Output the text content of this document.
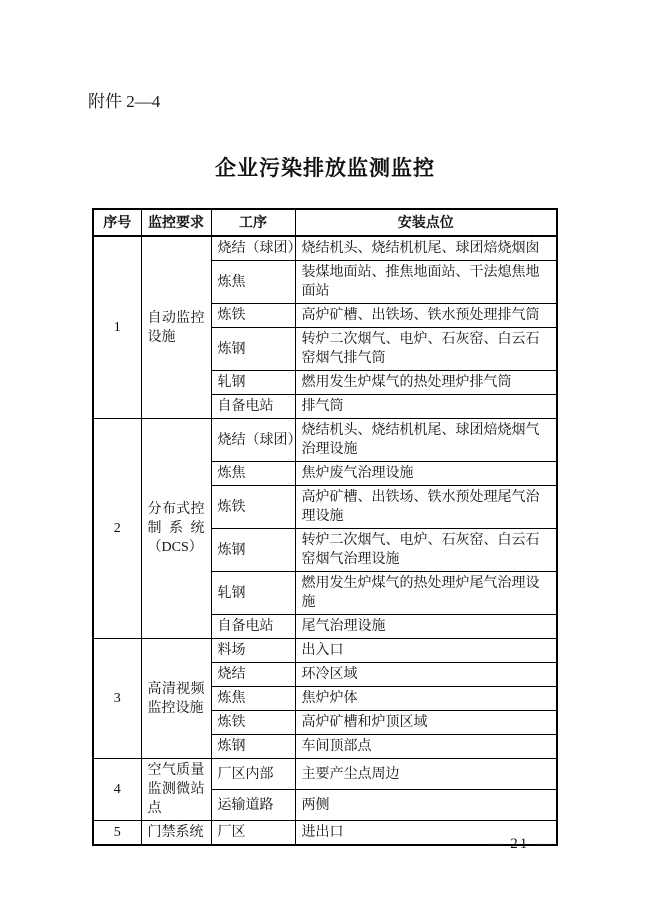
附件 2—4
企业污染排放监测监控
序号	监控要求	工序	安装点位
1	自动监控设施	烧结（球团）	烧结机头、烧结机机尾、球团焙烧烟囱
		炼焦	装煤地面站、推焦地面站、干法熄焦地面站
		炼铁	高炉矿槽、出铁场、铁水预处理排气筒
		炼钢	转炉二次烟气、电炉、石灰窑、白云石窑烟气排气筒
		轧钢	燃用发生炉煤气的热处理炉排气筒
		自备电站	排气筒
2	分布式控制系统（DCS）	烧结（球团）	烧结机头、烧结机机尾、球团焙烧烟气治理设施
		炼焦	焦炉废气治理设施
		炼铁	高炉矿槽、出铁场、铁水预处理尾气治理设施
		炼钢	转炉二次烟气、电炉、石灰窑、白云石窑烟气治理设施
		轧钢	燃用发生炉煤气的热处理炉尾气治理设施
		自备电站	尾气治理设施
3	高清视频监控设施	料场	出入口
		烧结	环冷区域
		炼焦	焦炉炉体
		炼铁	高炉矿槽和炉顶区域
		炼钢	车间顶部点
4	空气质量监测微站点	厂区内部	主要产尘点周边
		运输道路	两侧
5	门禁系统	厂区	进出口
— 21 —
